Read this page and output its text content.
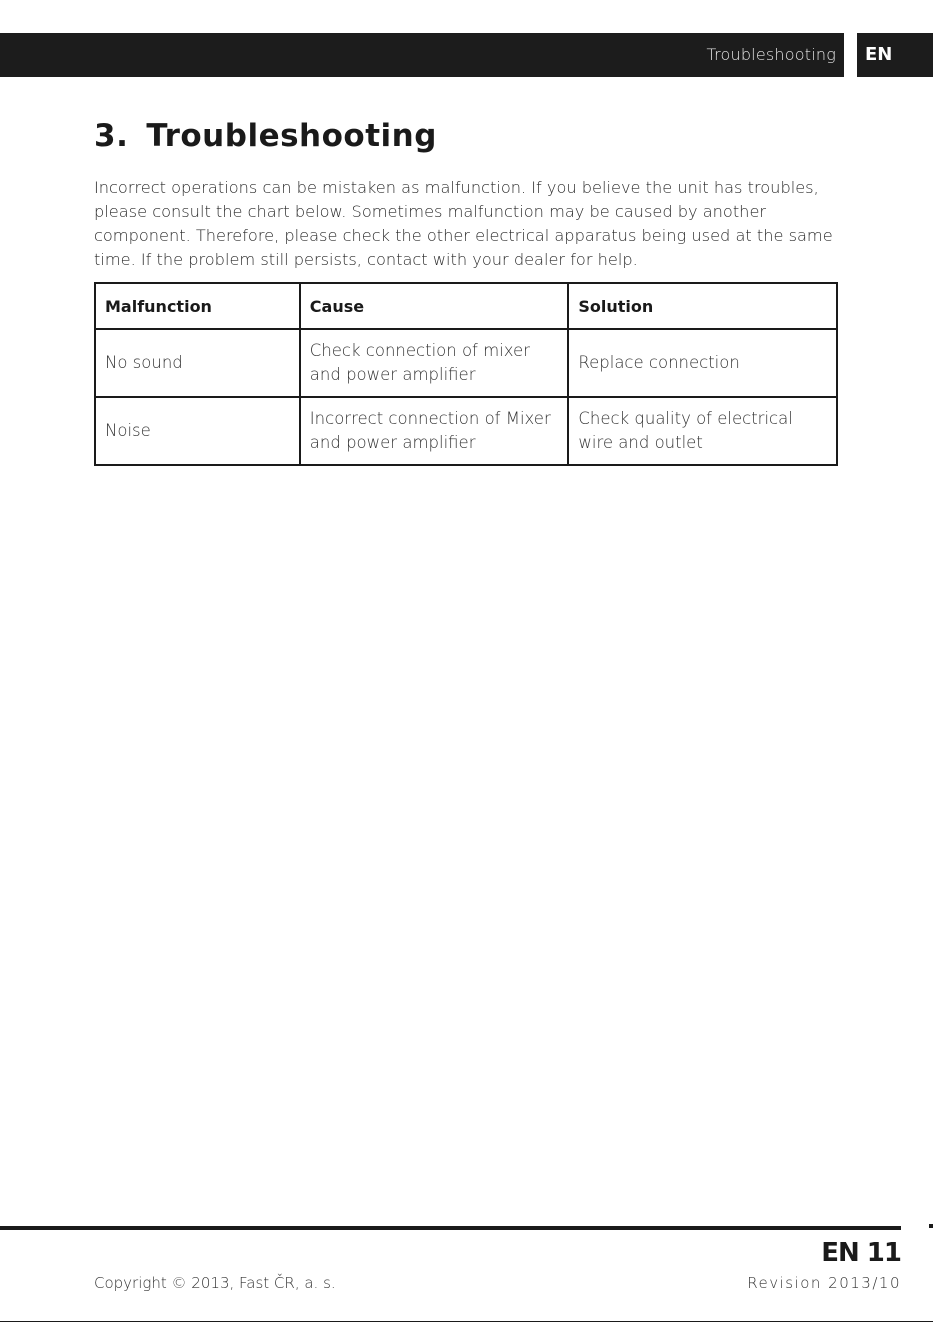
Troubleshooting EN
3. Troubleshooting

Incorrect operations can be mistaken as malfunction. If you believe the unit has troubles, please consult the chart below. Sometimes malfunction may be caused by another component. Therefore, please check the other electrical apparatus being used at the same time. If the problem still persists, contact with your dealer for help.

Malfunction	Cause	Solution
No sound	Check connection of mixer and power amplifier	Replace connection
Noise	Incorrect connection of Mixer and power amplifier	Check quality of electrical wire and outlet
EN 11
Copyright © 2013, Fast ČR, a. s.	Revision 2013/10
